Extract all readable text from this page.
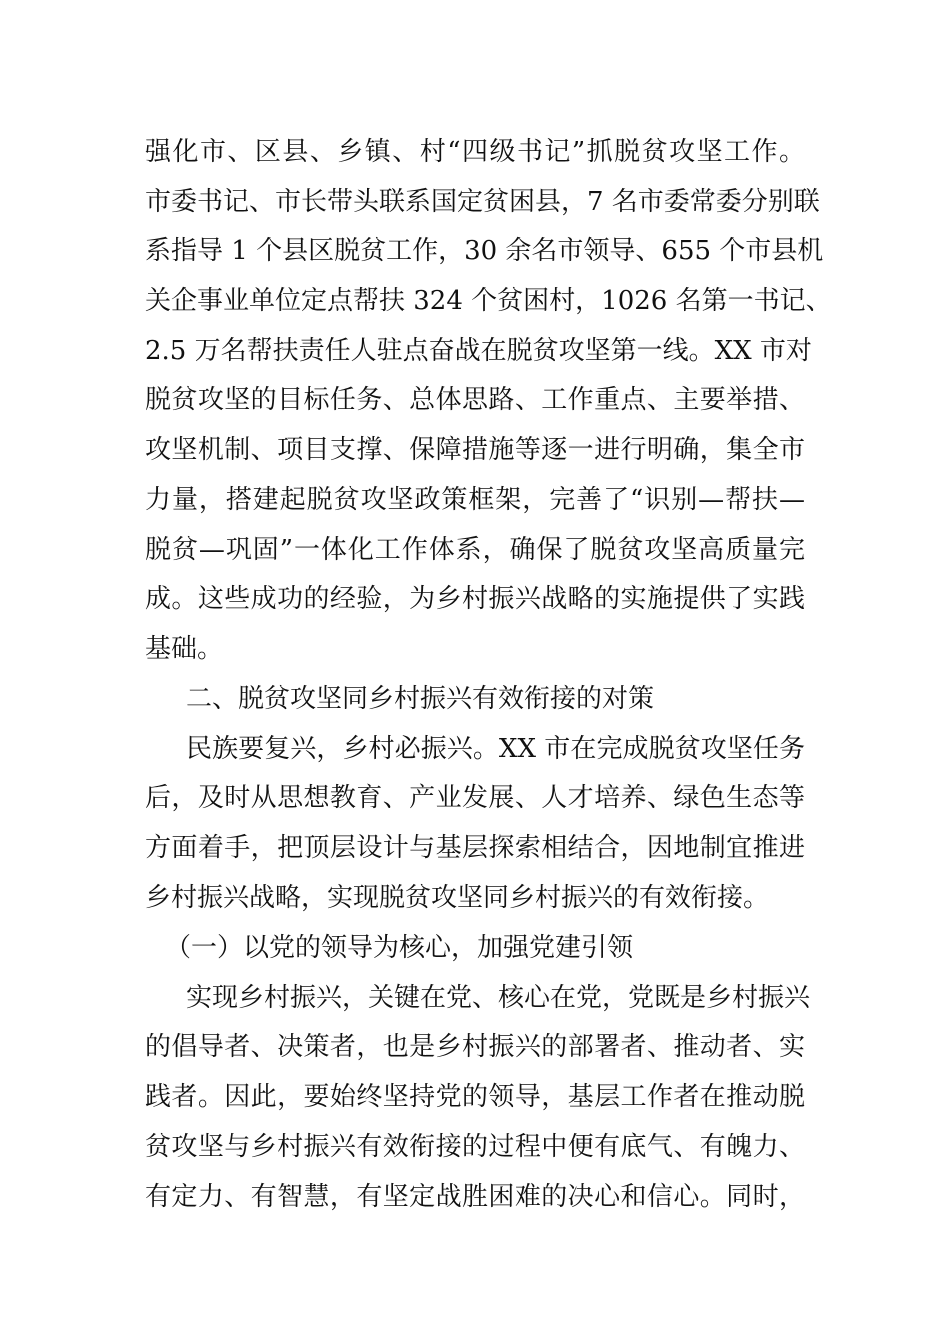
强化市、区县、乡镇、村“四级书记”抓脱贫攻坚工作。
市委书记、市长带头联系国定贫困县，7 名市委常委分别联
系指导 1 个县区脱贫工作，30 余名市领导、655 个市县机
关企事业单位定点帮扶 324 个贫困村，1026 名第一书记、
2.5 万名帮扶责任人驻点奋战在脱贫攻坚第一线。XX 市对
脱贫攻坚的目标任务、总体思路、工作重点、主要举措、
攻坚机制、项目支撑、保障措施等逐一进行明确，集全市
力量，搭建起脱贫攻坚政策框架，完善了“识别—帮扶—
脱贫—巩固”一体化工作体系，确保了脱贫攻坚高质量完
成。这些成功的经验，为乡村振兴战略的实施提供了实践
基础。
二、脱贫攻坚同乡村振兴有效衔接的对策
民族要复兴，乡村必振兴。XX 市在完成脱贫攻坚任务
后，及时从思想教育、产业发展、人才培养、绿色生态等
方面着手，把顶层设计与基层探索相结合，因地制宜推进
乡村振兴战略，实现脱贫攻坚同乡村振兴的有效衔接。
（一）以党的领导为核心，加强党建引领
实现乡村振兴，关键在党、核心在党，党既是乡村振兴
的倡导者、决策者，也是乡村振兴的部署者、推动者、实
践者。因此，要始终坚持党的领导，基层工作者在推动脱
贫攻坚与乡村振兴有效衔接的过程中便有底气、有魄力、
有定力、有智慧，有坚定战胜困难的决心和信心。同时，
